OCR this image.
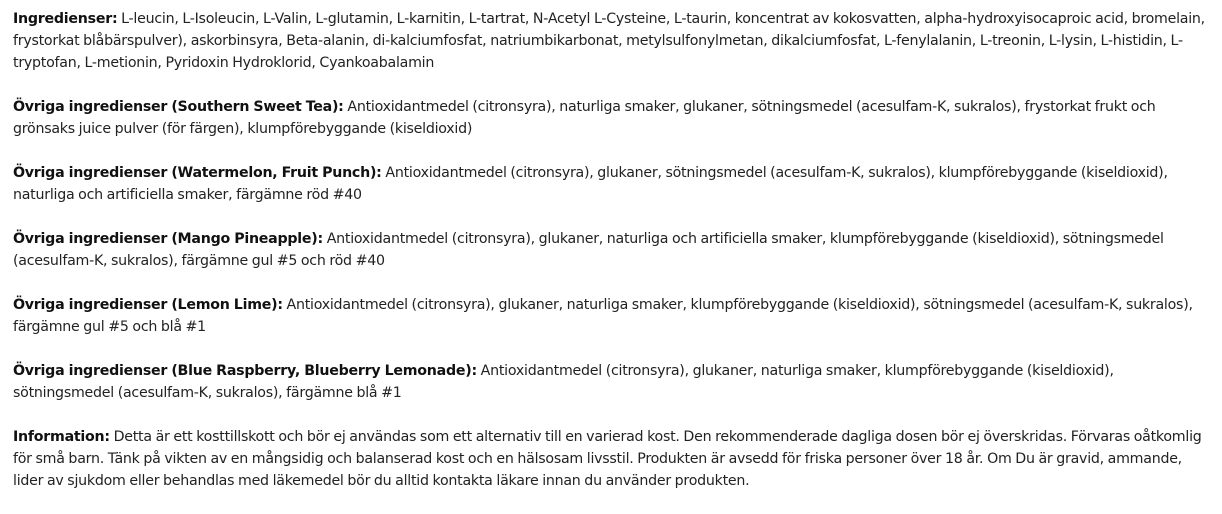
Ingredienser: L-leucin, L-Isoleucin, L-Valin, L-glutamin, L-karnitin, L-tartrat, N-Acetyl L-Cysteine, L-taurin, koncentrat av kokosvatten, alpha-hydroxyisocaproic acid, bromelain, frystorkat blåbärspulver), askorbinsyra, Beta-alanin, di-kalciumfosfat, natriumbikarbonat, metylsulfonylmetan, dikalciumfosfat, L-fenylalanin, L-treonin, L-lysin, L-histidin, L-tryptofan, L-metionin, Pyridoxin Hydroklorid, Cyankoabalamin

Övriga ingredienser (Southern Sweet Tea): Antioxidantmedel (citronsyra), naturliga smaker, glukaner, sötningsmedel (acesulfam-K, sukralos), frystorkat frukt och grönsaks juice pulver (för färgen), klumpförebyggande (kiseldioxid)

Övriga ingredienser (Watermelon, Fruit Punch): Antioxidantmedel (citronsyra), glukaner, sötningsmedel (acesulfam-K, sukralos), klumpförebyggande (kiseldioxid), naturliga och artificiella smaker, färgämne röd #40

Övriga ingredienser (Mango Pineapple): Antioxidantmedel (citronsyra), glukaner, naturliga och artificiella smaker, klumpförebyggande (kiseldioxid), sötningsmedel (acesulfam-K, sukralos), färgämne gul #5 och röd #40

Övriga ingredienser (Lemon Lime): Antioxidantmedel (citronsyra), glukaner, naturliga smaker, klumpförebyggande (kiseldioxid), sötningsmedel (acesulfam-K, sukralos), färgämne gul #5 och blå #1

Övriga ingredienser (Blue Raspberry, Blueberry Lemonade): Antioxidantmedel (citronsyra), glukaner, naturliga smaker, klumpförebyggande (kiseldioxid), sötningsmedel (acesulfam-K, sukralos), färgämne blå #1

Information: Detta är ett kosttillskott och bör ej användas som ett alternativ till en varierad kost. Den rekommenderade dagliga dosen bör ej överskridas. Förvaras oåtkomlig för små barn. Tänk på vikten av en mångsidig och balanserad kost och en hälsosam livsstil. Produkten är avsedd för friska personer över 18 år. Om Du är gravid, ammande, lider av sjukdom eller behandlas med läkemedel bör du alltid kontakta läkare innan du använder produkten.
